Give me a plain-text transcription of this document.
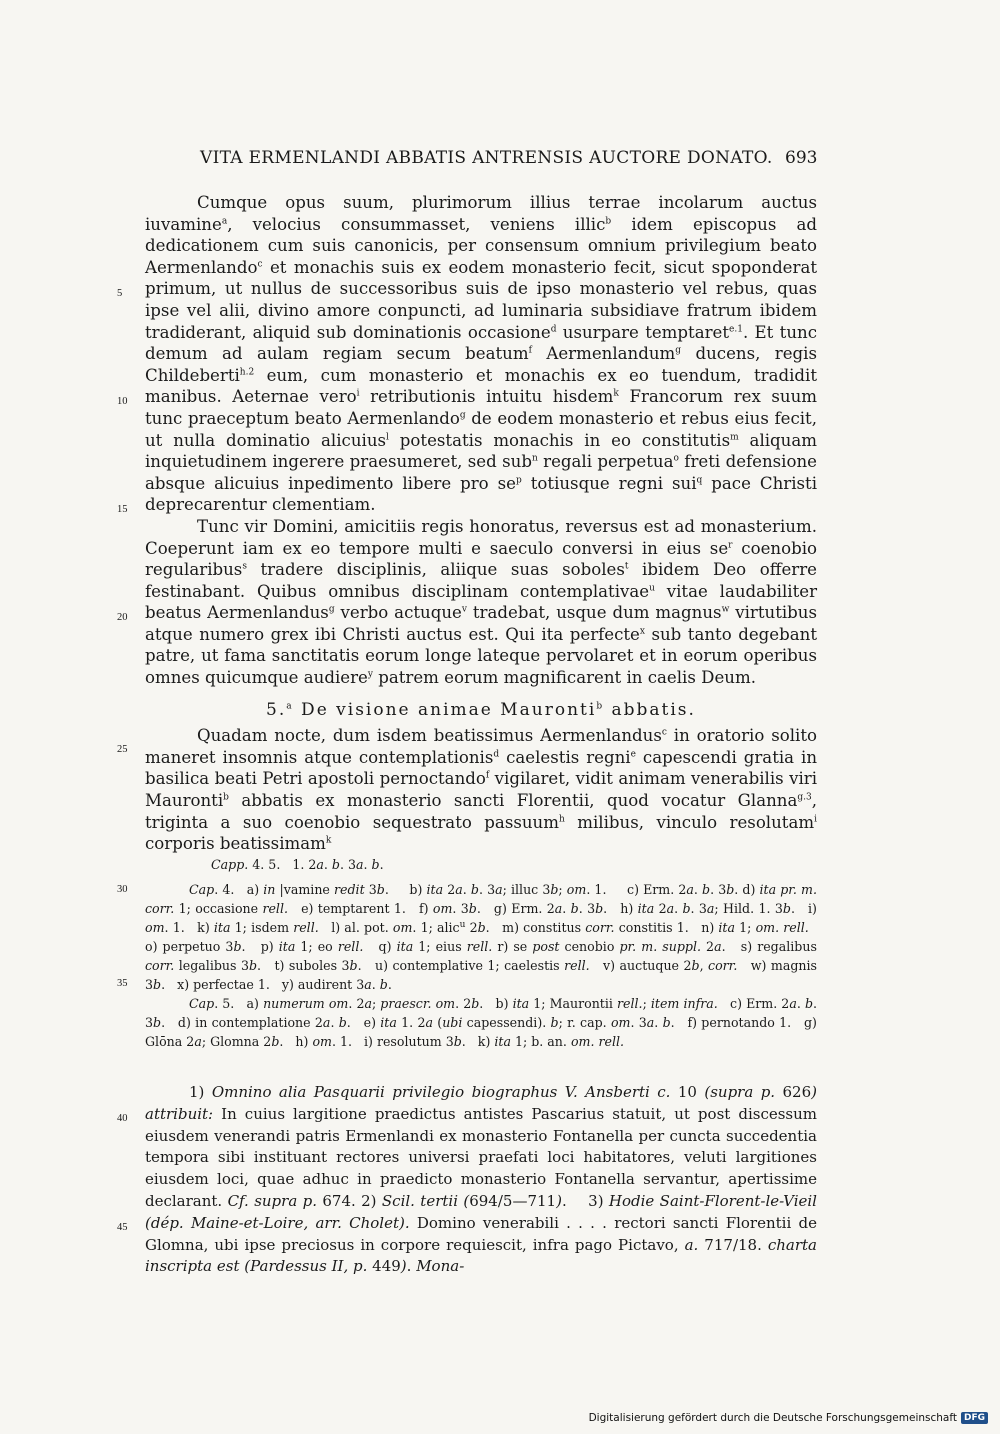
VITA ERMENLANDI ABBATIS ANTRENSIS AUCTORE DONATO. 693

Cumque opus suum, plurimorum illius terrae incolarum auctus iuvamine$^a$, velocius consummasset, veniens illic$^b$ idem episcopus ad dedicationem cum suis canonicis, per consensum omnium privilegium beato Aermenlando$^c$ et monachis suis ex eodem monasterio fecit, sicut spoponderat primum, ut nullus de successoribus suis de ipso monasterio vel rebus, quas ipse vel alii, divino amore conpuncti, ad luminaria subsidiave fratrum ibidem tradiderant, aliquid sub dominationis occasione$^d$ usurpare temptaret$^{e.1}$. Et tunc demum ad aulam regiam secum beatum$^f$ Aermenlandum$^g$ ducens, regis Childeberti$^{h.2}$ eum, cum monasterio et monachis ex eo tuendum, tradidit manibus. Aeternae vero$^i$ retributionis intuitu hisdem$^k$ Francorum rex suum tunc praeceptum beato Aermenlando$^g$ de eodem monasterio et rebus eius fecit, ut nulla dominatio alicuius$^l$ potestatis monachis in eo constitutis$^m$ aliquam inquietudinem ingerere praesumeret, sed sub$^n$ regali perpetua$^o$ freti defensione absque alicuius inpedimento libere pro $se^p$ totiusque regni sui$^q$ pace Christi deprecarentur clementiam.

Tunc vir Domini, amicitiis regis honoratus, reversus est ad monasterium. Coeperunt iam ex eo tempore multi e saeculo conversi in eius $se^r$ coenobio regularibus$^s$ tradere disciplinis, aliique suas soboles$^t$ ibidem Deo offerre festinabant. Quibus omnibus disciplinam contemplativae$^u$ vitae laudabiliter beatus Aermenlandus$^g$ verbo actuque$^v$ tradebat, usque dum magnus$^w$ virtutibus atque numero grex ibi Christi auctus est. Qui ita perfecte$^x$ sub tanto degebant patre, ut fama sanctitatis eorum longe lateque pervolaret et in eorum operibus omnes quicumque audiere$^y$ patrem eorum magnificarent in caelis Deum.

5.$^a$ De visione animae Mauronti$^b$ abbatis.

Quadam nocte, dum isdem beatissimus Aermenlandus$^c$ in oratorio solito maneret insomnis atque contemplationis$^d$ caelestis regni$^e$ capescendi gratia in basilica beati Petri apostoli pernoctando$^f$ vigilaret, vidit animam venerabilis viri Mauronti$^b$ abbatis ex monasterio sancti Florentii, quod vocatur Glanna$^{g.3}$, triginta a suo coenobio sequestrato passuum$^h$ milibus, vinculo resolutam$^i$ corporis beatissimam$^k$

5
10
15
20
25
30
35
40
45

Capp. 4. 5.   1. 2a. b. 3a. b.

Cap. 4.   a) in |vamine redit 3b.     b) ita 2a. b. 3a; illuc 3b; om. 1.     c) Erm. 2a. b. 3b. d) ita pr. m. corr. 1; occasione rell.   e) temptarent 1.   f) om. 3b.   g) Erm. 2a. b. 3b.   h) ita 2a. b. 3a; Hild. 1. 3b.   i) om. 1.   k) ita 1; isdem rell.   l) al. pot. om. 1; alic$^u$ 2b.   m) constitus corr. constitis 1.   n) ita 1; om. rell.   o) perpetuo 3b.   p) ita 1; eo rell.   q) ita 1; eius rell. r) se post cenobio pr. m. suppl. 2a.   s) regalibus corr. legalibus 3b.   t) suboles 3b.   u) contemplative 1; caelestis rell.   v) auctuque 2b, corr.   w) magnis 3b.   x) perfectae 1.   y) audirent 3a. b.

Cap. 5.   a) numerum om. 2a; praescr. om. 2b.   b) ita 1; Maurontii rell.; item infra.   c) Erm. 2a. b. 3b.   d) in contemplatione 2a. b.   e) ita 1. 2a (ubi capessendi). b; r. cap. om. 3a. b.   f) pernotando 1.   g) Glōna 2a; Glomna 2b.   h) om. 1.   i) resolutum 3b.   k) ita 1; b. an. om. rell.

1) Omnino alia Pasquarii privilegio biographus V. Ansberti c. 10 (supra p. 626) attribuit: In cuius largitione praedictus antistes Pascarius statuit, ut post discessum eiusdem venerandi patris Ermenlandi ex monasterio Fontanella per cuncta succedentia tempora sibi instituant rectores universi praefati loci habitatores, veluti largitiones eiusdem loci, quae adhuc in praedicto monasterio Fontanella servantur, apertissime declarant. Cf. supra p. 674. 2) Scil. tertii (694/5—711).    3) Hodie Saint-Florent-le-Vieil (dép. Maine-et-Loire, arr. Cholet). Domino venerabili . . . . rectori sancti Florentii de Glomna, ubi ipse preciosus in corpore requiescit, infra pago Pictavo, a. 717/18. charta inscripta est (Pardessus II, p. 449). Mona-

Digitalisierung gefördert durch die Deutsche Forschungsgemeinschaft DFG
